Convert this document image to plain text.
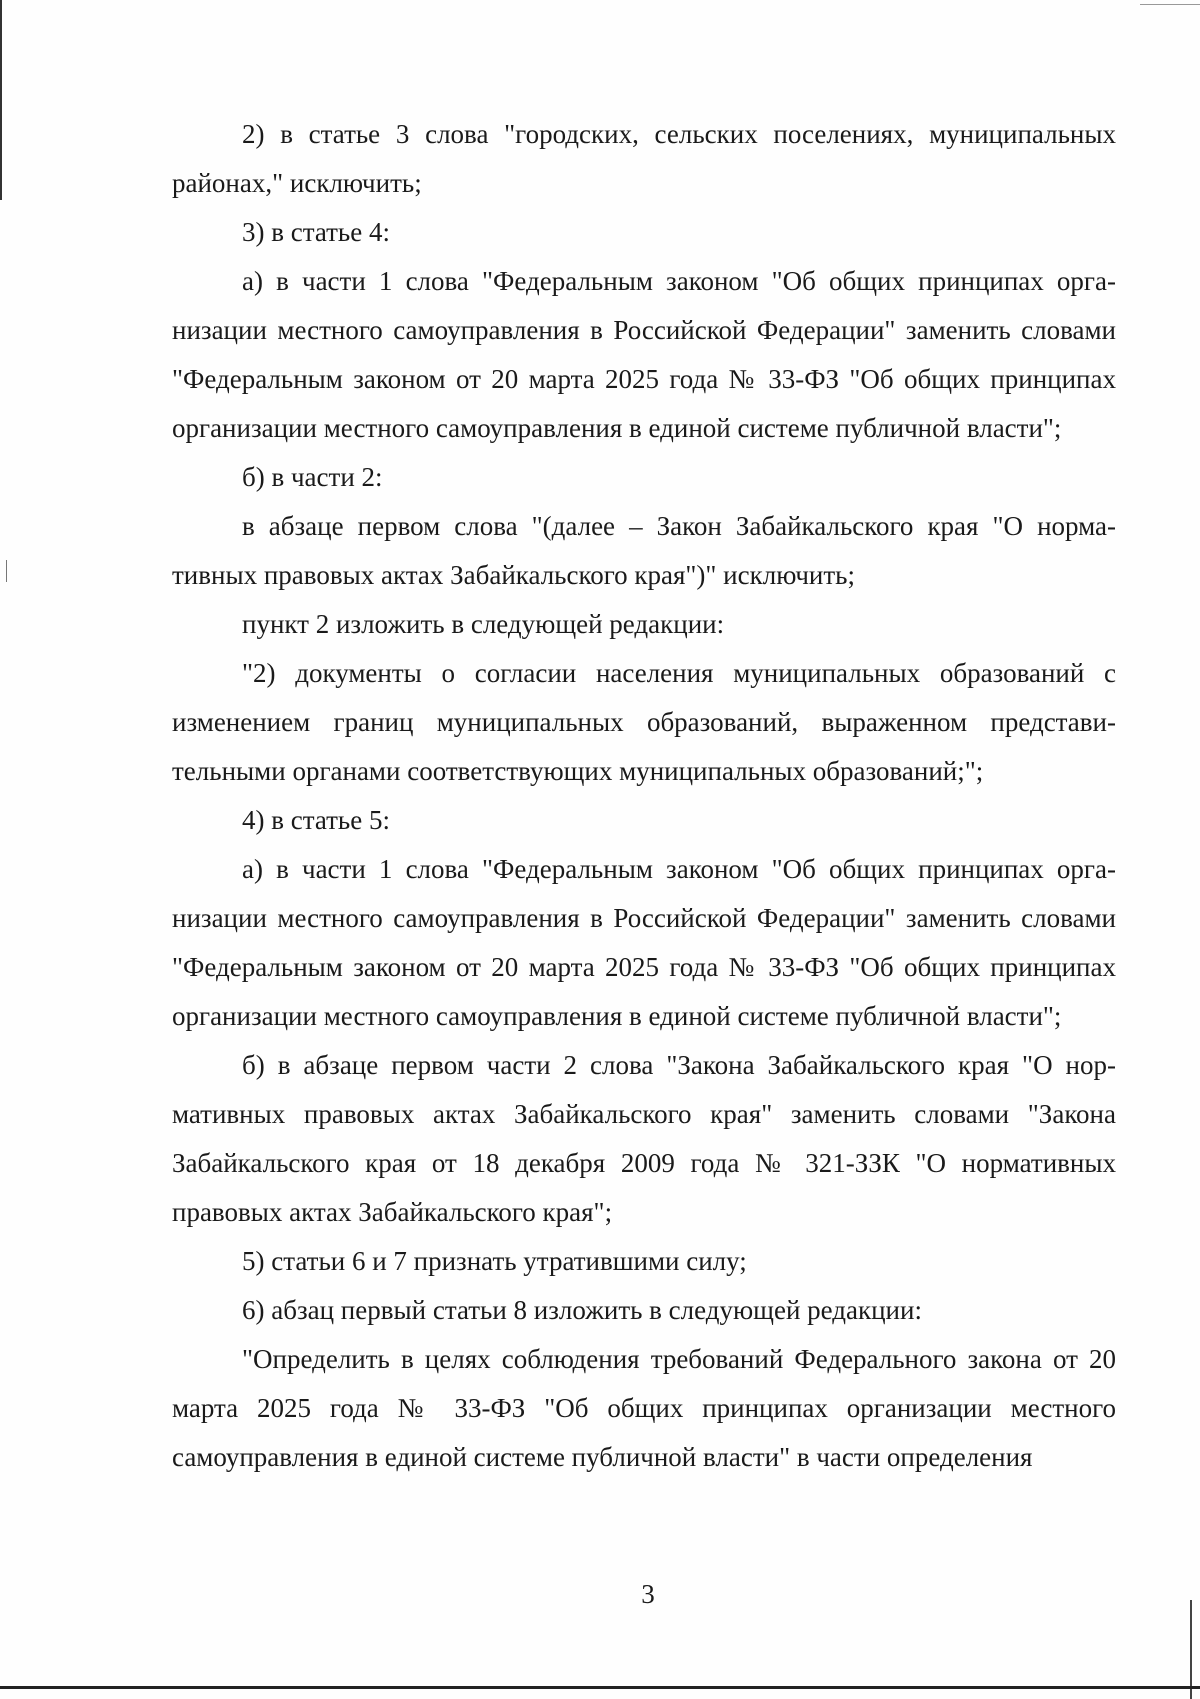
2) в статье 3 слова "городских, сельских поселениях, муниципальных районах," исключить;

3) в статье 4:

а) в части 1 слова "Федеральным законом "Об общих принципах организации местного самоуправления в Российской Федерации" заменить словами "Федеральным законом от 20 марта 2025 года № 33-ФЗ "Об общих принципах организации местного самоуправления в единой системе публичной власти";

б) в части 2:

в абзаце первом слова "(далее – Закон Забайкальского края "О нормативных правовых актах Забайкальского края")" исключить;

пункт 2 изложить в следующей редакции:

"2) документы о согласии населения муниципальных образований с изменением границ муниципальных образований, выраженном представительными органами соответствующих муниципальных образований;";

4) в статье 5:

а) в части 1 слова "Федеральным законом "Об общих принципах организации местного самоуправления в Российской Федерации" заменить словами "Федеральным законом от 20 марта 2025 года № 33-ФЗ "Об общих принципах организации местного самоуправления в единой системе публичной власти";

б) в абзаце первом части 2 слова "Закона Забайкальского края "О нормативных правовых актах Забайкальского края" заменить словами "Закона Забайкальского края от 18 декабря 2009 года № 321-ЗЗК "О нормативных правовых актах Забайкальского края";

5) статьи 6 и 7 признать утратившими силу;

6) абзац первый статьи 8 изложить в следующей редакции:

"Определить в целях соблюдения требований Федерального закона от 20 марта 2025 года № 33-ФЗ "Об общих принципах организации местного самоуправления в единой системе публичной власти" в части определения

3
